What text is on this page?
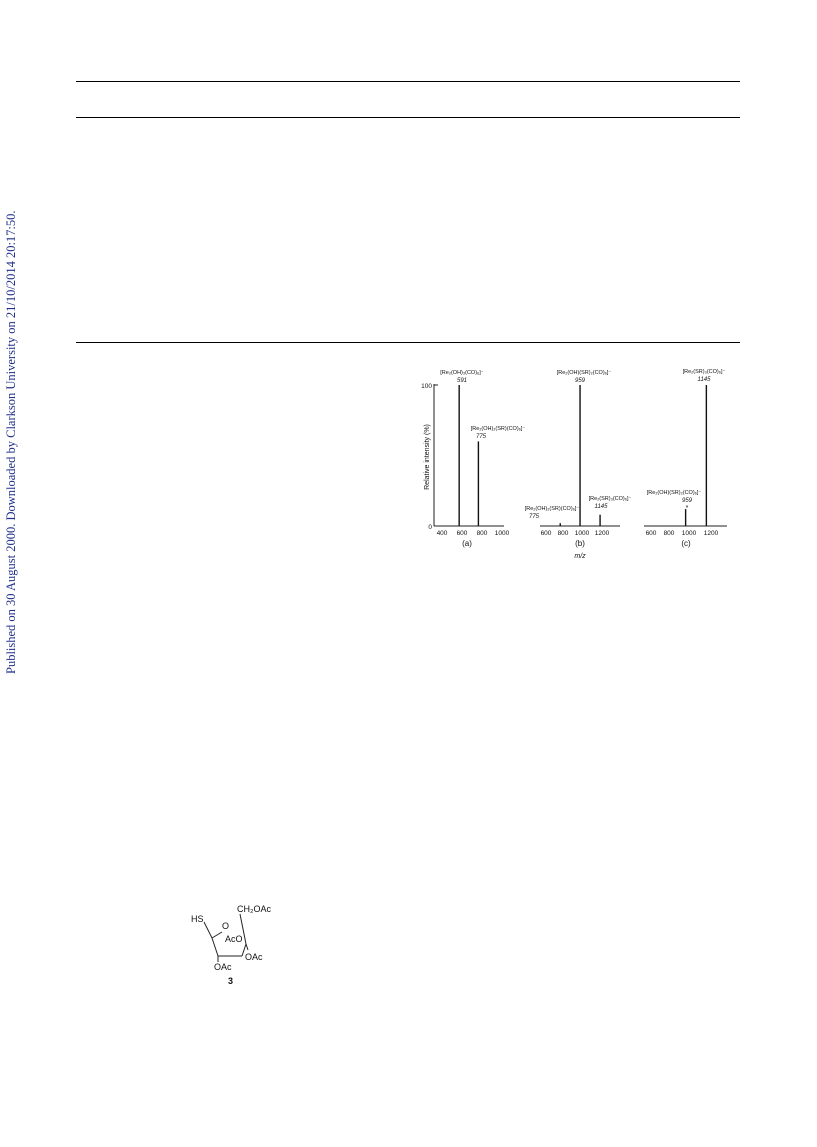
Published on 30 August 2000. Downloaded by Clarkson University on 21/10/2014 20:17:50.	Relative intensity (%)
100
0
400 600 800 1000
(a)
[Re₂(OH)₃(CO)₆]⁻
591
[Re₂(OH)₂(SR)(CO)₆]⁻
775
600 800 1000 1200
(b)
[Re₂(OH)(SR)₂(CO)₆]⁻
959
[Re₂(OH)₂(SR)(CO)₆]⁻
775
[Re₂(SR)₃(CO)₆]⁻
1145
600 800 1000 1200
(c)
[Re₂(SR)₃(CO)₆]⁻
1145
[Re₂(OH)(SR)₂(CO)₆]⁻
959
*
m/z
HS
O
CH₂OAc
AcO
OAc
OAc
3
